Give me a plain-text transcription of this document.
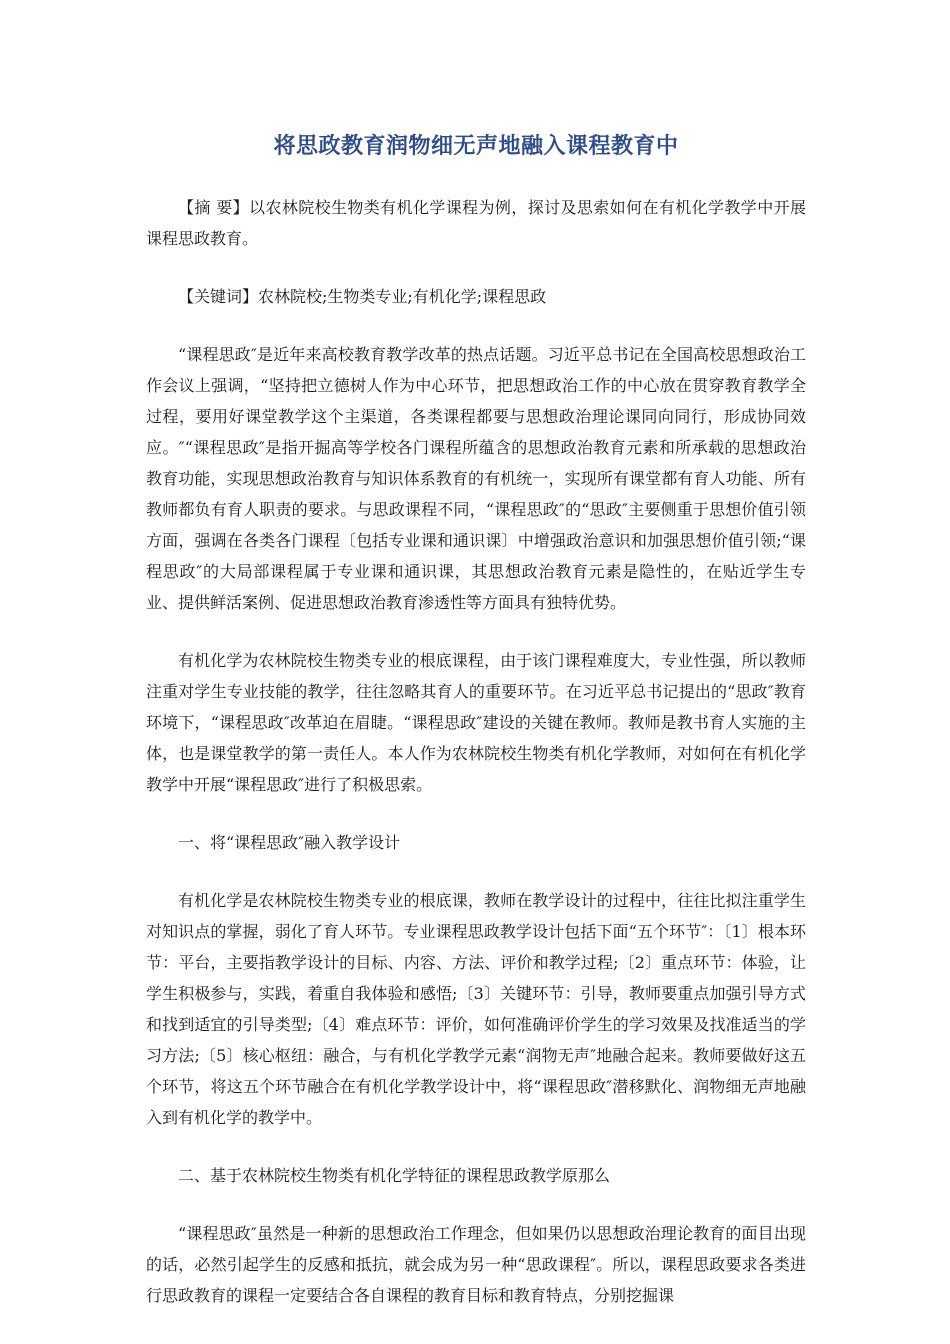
将思政教育润物细无声地融入课程教育中

【摘 要】以农林院校生物类有机化学课程为例，探讨及思索如何在有机化学教学中开展课程思政教育。

【关键词】农林院校;生物类专业;有机化学;课程思政

“课程思政″是近年来高校教育教学改革的热点话题。习近平总书记在全国高校思想政治工作会议上强调，“坚持把立德树人作为中心环节，把思想政治工作的中心放在贯穿教育教学全过程，要用好课堂教学这个主渠道，各类课程都要与思想政治理论课同向同行，形成协同效应。″“课程思政″是指开掘高等学校各门课程所蕴含的思想政治教育元素和所承载的思想政治教育功能，实现思想政治教育与知识体系教育的有机统一，实现所有课堂都有育人功能、所有教师都负有育人职责的要求。与思政课程不同，“课程思政″的“思政″主要侧重于思想价值引领方面，强调在各类各门课程〔包括专业课和通识课〕中增强政治意识和加强思想价值引领;“课程思政″的大局部课程属于专业课和通识课，其思想政治教育元素是隐性的，在贴近学生专业、提供鲜活案例、促进思想政治教育渗透性等方面具有独特优势。

有机化学为农林院校生物类专业的根底课程，由于该门课程难度大，专业性强，所以教师注重对学生专业技能的教学，往往忽略其育人的重要环节。在习近平总书记提出的“思政″教育环境下，“课程思政″改革迫在眉睫。“课程思政″建设的关键在教师。教师是教书育人实施的主体，也是课堂教学的第一责任人。本人作为农林院校生物类有机化学教师，对如何在有机化学教学中开展“课程思政″进行了积极思索。

一、将“课程思政″融入教学设计

有机化学是农林院校生物类专业的根底课，教师在教学设计的过程中，往往比拟注重学生对知识点的掌握，弱化了育人环节。专业课程思政教学设计包括下面“五个环节″：〔1〕根本环节：平台，主要指教学设计的目标、内容、方法、评价和教学过程;〔2〕重点环节：体验，让学生积极参与，实践，着重自我体验和感悟;〔3〕关键环节：引导，教师要重点加强引导方式和找到适宜的引导类型;〔4〕难点环节：评价，如何准确评价学生的学习效果及找准适当的学习方法;〔5〕核心枢纽：融合，与有机化学教学元素“润物无声″地融合起来。教师要做好这五个环节，将这五个环节融合在有机化学教学设计中，将“课程思政″潜移默化、润物细无声地融入到有机化学的教学中。

二、基于农林院校生物类有机化学特征的课程思政教学原那么

“课程思政″虽然是一种新的思想政治工作理念，但如果仍以思想政治理论教育的面目出现的话，必然引起学生的反感和抵抗，就会成为另一种“思政课程″。所以，课程思政要求各类进行思政教育的课程一定要结合各自课程的教育目标和教育特点，分别挖掘课
